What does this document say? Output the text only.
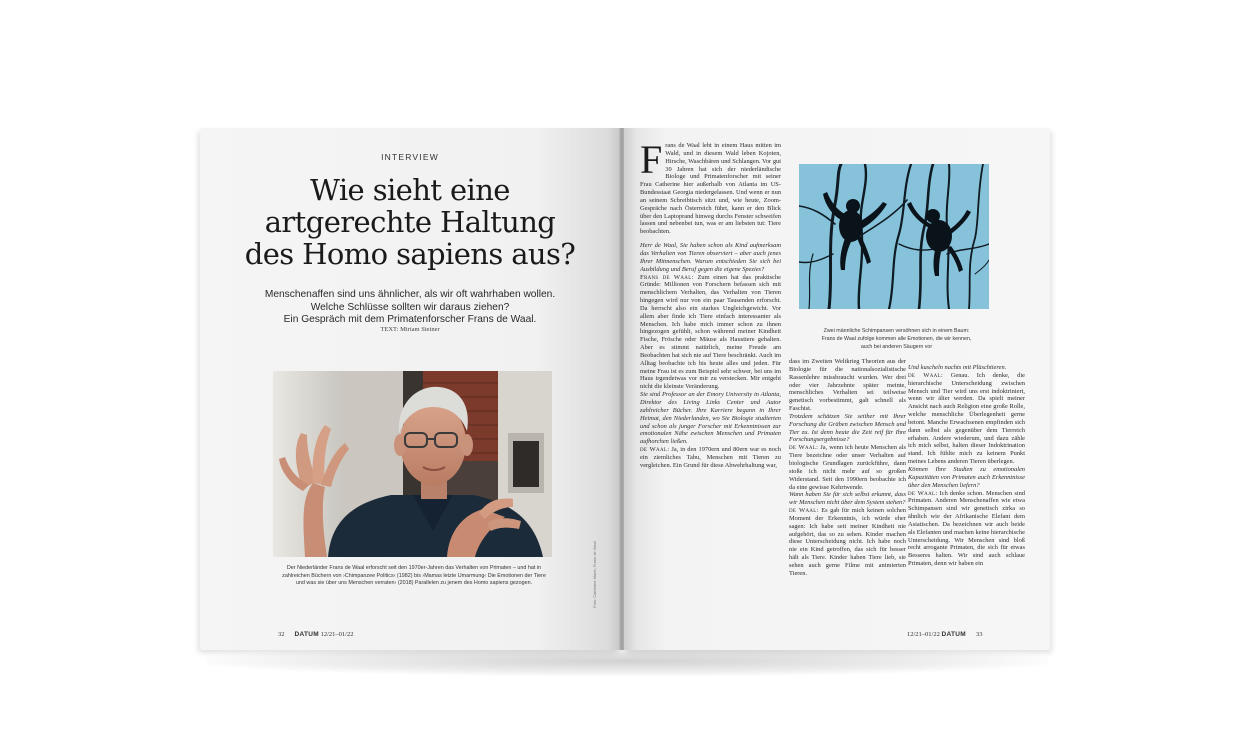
INTERVIEW
Wie sieht eine
artgerechte Haltung
des Homo sapiens aus?
Menschenaffen sind uns ähnlicher, als wir oft wahrhaben wollen.
Welche Schlüsse sollten wir daraus ziehen?
Ein Gespräch mit dem Primatenforscher Frans de Waal.
TEXT: Miriam Steiner
Der Niederländer Frans de Waal erforscht seit den 1970er-Jahren das Verhalten von Primaten – und hat in
zahlreichen Büchern von ›Chimpanzee Politics‹ (1982) bis ›Mamas letzte Umarmung‹ Die Emotionen der Tiere
und was sie über uns Menschen verraten‹ (2018) Parallelen zu jenem des Homo sapiens gezogen.	Foto: Catherine Marin, Frans de Waal
32 DATUM 12/21–01/22

Frans de Waal lebt in einem Haus mitten im Wald, und in diesem Wald leben Kojoten, Hirsche, Waschbären und Schlangen. Vor gut 30 Jahren hat sich der niederländische Biologe und Primatenforscher mit seiner Frau Catherine hier außerhalb von Atlanta im US-Bundesstaat Georgia niedergelassen. Und wenn er nun an seinem Schreibtisch sitzt und, wie heute, Zoom-Gespräche nach Österreich führt, kann er den Blick über den Laptoprand hinweg durchs Fenster schweifen lassen und nebenbei tun, was er am liebsten tut: Tiere beobachten.

Herr de Waal, Sie haben schon als Kind aufmerksam das Verhalten von Tieren observiert – aber auch jenes Ihrer Mitmenschen. Warum entschieden Sie sich bei Ausbildung und Beruf gegen die eigene Spezies?

Frans de Waal: Zum einen hat das praktische Gründe: Millionen von Forschern befassen sich mit menschlichem Verhalten, das Verhalten von Tieren hingegen wird nur von ein paar Tausenden erforscht. Da herrscht also ein starkes Ungleichgewicht. Vor allem aber finde ich Tiere einfach interessanter als Menschen. Ich habe mich immer schon zu ihnen hingezogen gefühlt, schon während meiner Kindheit Fische, Frösche oder Mäuse als Haustiere gehalten. Aber es stimmt natürlich, meine Freude am Beobachten hat sich nie auf Tiere beschränkt. Auch im Alltag beobachte ich bis heute alles und jeden. Für meine Frau ist es zum Beispiel sehr schwer, bei uns im Haus irgendetwas vor mir zu verstecken. Mir entgeht nicht die kleinste Veränderung.

Sie sind Professor an der Emory University in Atlanta, Direktor des Living Links Center und Autor zahlreicher Bücher. Ihre Karriere begann in Ihrer Heimat, den Niederlanden, wo Sie Biologie studierten und schon als junger Forscher mit Erkenntnissen zur emotionalen Nähe zwischen Menschen und Primaten aufhorchen ließen.

de Waal: Ja, in den 1970ern und 80ern war es noch ein ziemliches Tabu, Menschen mit Tieren zu vergleichen. Ein Grund für diese Abwehrhaltung war,

Zwei männliche Schimpansen versöhnen sich in einem Baum:
Frans de Waal zufolge kommen alle Emotionen, die wir kennen,
auch bei anderen Säugern vor

dass im Zweiten Weltkrieg Theorien aus der Biologie für die nationalsozialistische Rassenlehre missbraucht wurden. Wer drei oder vier Jahrzehnte später meinte, menschliches Verhalten sei teilweise genetisch vorbestimmt, galt schnell als Faschist.

Trotzdem schätzen Sie seither mit Ihrer Forschung die Gräben zwischen Mensch und Tier zu. Ist denn heute die Zeit reif für Ihre Forschungsergebnisse?

de Waal: Ja, wenn ich heute Menschen als Tiere bezeichne oder unser Verhalten auf biologische Grundlagen zurückführe, dann stoße ich nicht mehr auf so großen Widerstand. Seit den 1990ern beobachte ich da eine gewisse Kehrtwende.

Wann haben Sie für sich selbst erkannt, dass wir Menschen nicht über dem System stehen?

de Waal: Es gab für mich keinen solchen Moment der Erkenntnis, ich würde eher sagen: Ich habe seit meiner Kindheit nie aufgehört, das so zu sehen. Kinder machen diese Unterscheidung nicht. Ich habe noch nie ein Kind getroffen, das sich für besser hält als Tiere. Kinder haben Tiere lieb, sie sehen auch gerne Filme mit animierten Tieren.

Und kuscheln nachts mit Plüschtieren.

de Waal: Genau. Ich denke, die hierarchische Unterscheidung zwischen Mensch und Tier wird uns erst indoktriniert, wenn wir älter werden. Da spielt meiner Ansicht nach auch Religion eine große Rolle, welche menschliche Überlegenheit gerne betont. Manche Erwachsenen empfinden sich dann selbst als gegenüber dem Tierreich erhaben. Andere wiederum, und dazu zähle ich mich selbst, halten dieser Indoktrination stand. Ich fühlte mich zu keinem Punkt meines Lebens anderen Tieren überlegen.

Können Ihre Studien zu emotionalen Kapazitäten von Primaten auch Erkenntnisse über den Menschen liefern?

de Waal: Ich denke schon. Menschen sind Primaten. Anderen Menschenaffen wie etwa Schimpansen sind wir genetisch zirka so ähnlich wie der Afrikanische Elefant dem Asiatischen. Da bezeichnen wir auch beide als Elefanten und machen keine hierarchische Unterscheidung. Wir Menschen sind bloß recht arrogante Primaten, die sich für etwas Besseres halten. Wir sind auch schlaue Primaten, denn wir haben ein

12/21–01/22 DATUM 33
